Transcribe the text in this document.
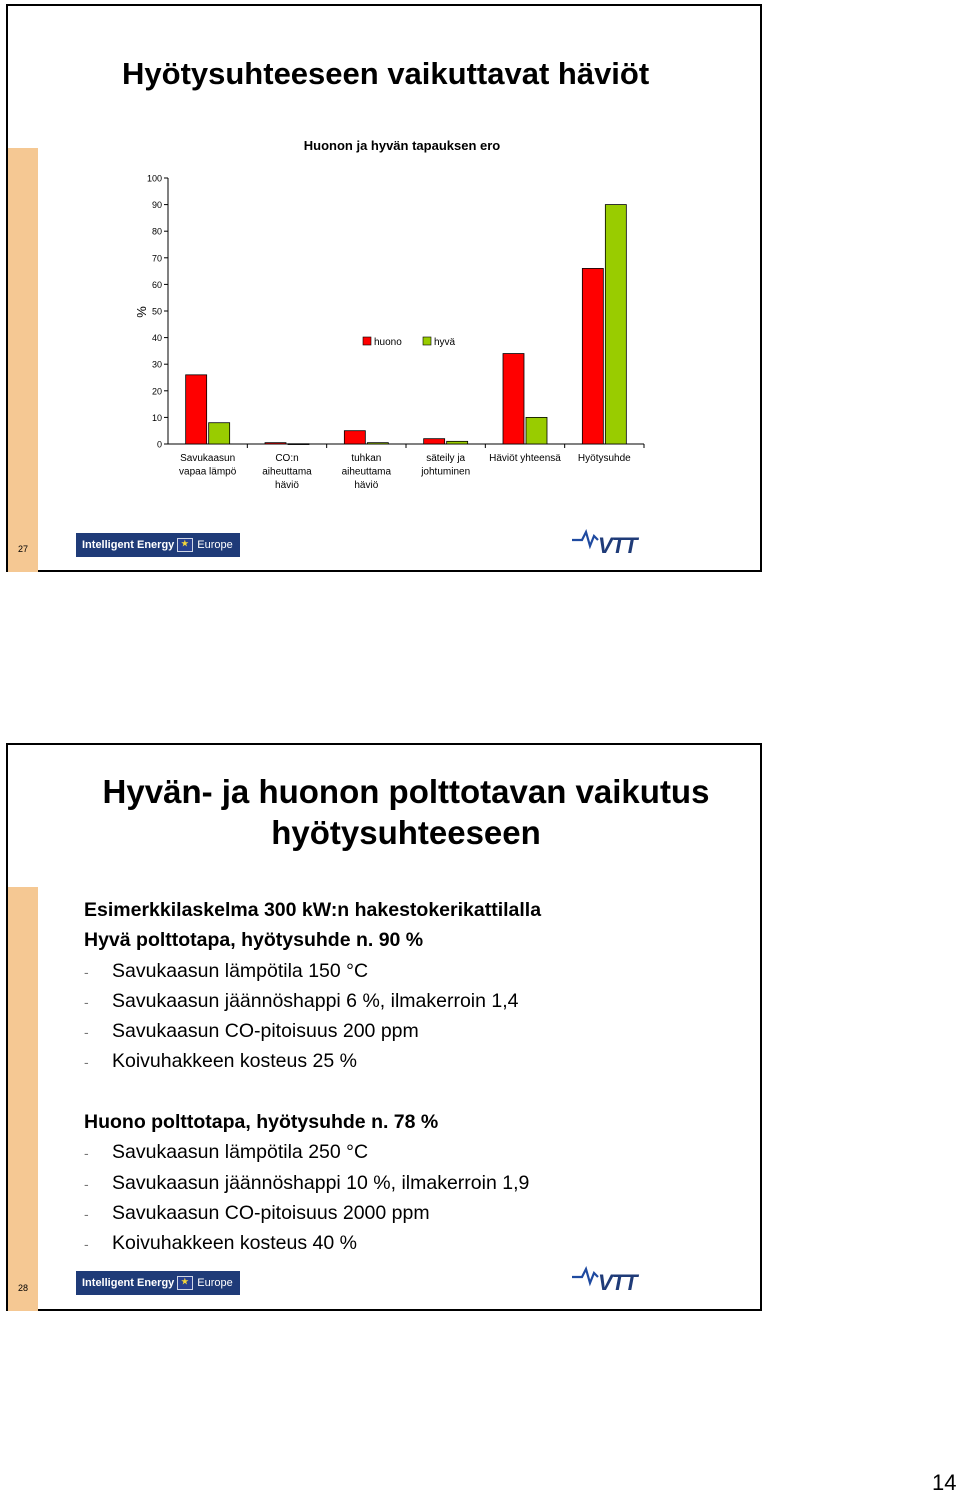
Hyötysuhteeseen vaikuttavat häviöt
Huonon ja hyvän tapauksen ero
0
10
20
30
40
50
60
70
80
90
100
%
Savukaasun
vapaa lämpö
CO:n
aiheuttama
häviö
tuhkan
aiheuttama
häviö
säteily ja
johtuminen
Häviöt yhteensä Hyötysuhde
huono	hyvä
27	Intelligent Energy ★ Europe	VTT
Hyvän- ja huonon polttotavan vaikutus hyötysuhteeseen
Esimerkkilaskelma 300 kW:n hakestokerikattilalla
Hyvä polttotapa, hyötysuhde n. 90 %
- Savukaasun lämpötila 150 °C
- Savukaasun jäännöshappi 6 %, ilmakerroin 1,4
- Savukaasun CO-pitoisuus 200 ppm
- Koivuhakkeen kosteus 25 %
Huono polttotapa, hyötysuhde n. 78 %
- Savukaasun lämpötila 250 °C
- Savukaasun jäännöshappi 10 %, ilmakerroin 1,9
- Savukaasun CO-pitoisuus 2000 ppm
- Koivuhakkeen kosteus 40 %
28	Intelligent Energy ★ Europe	VTT
14
